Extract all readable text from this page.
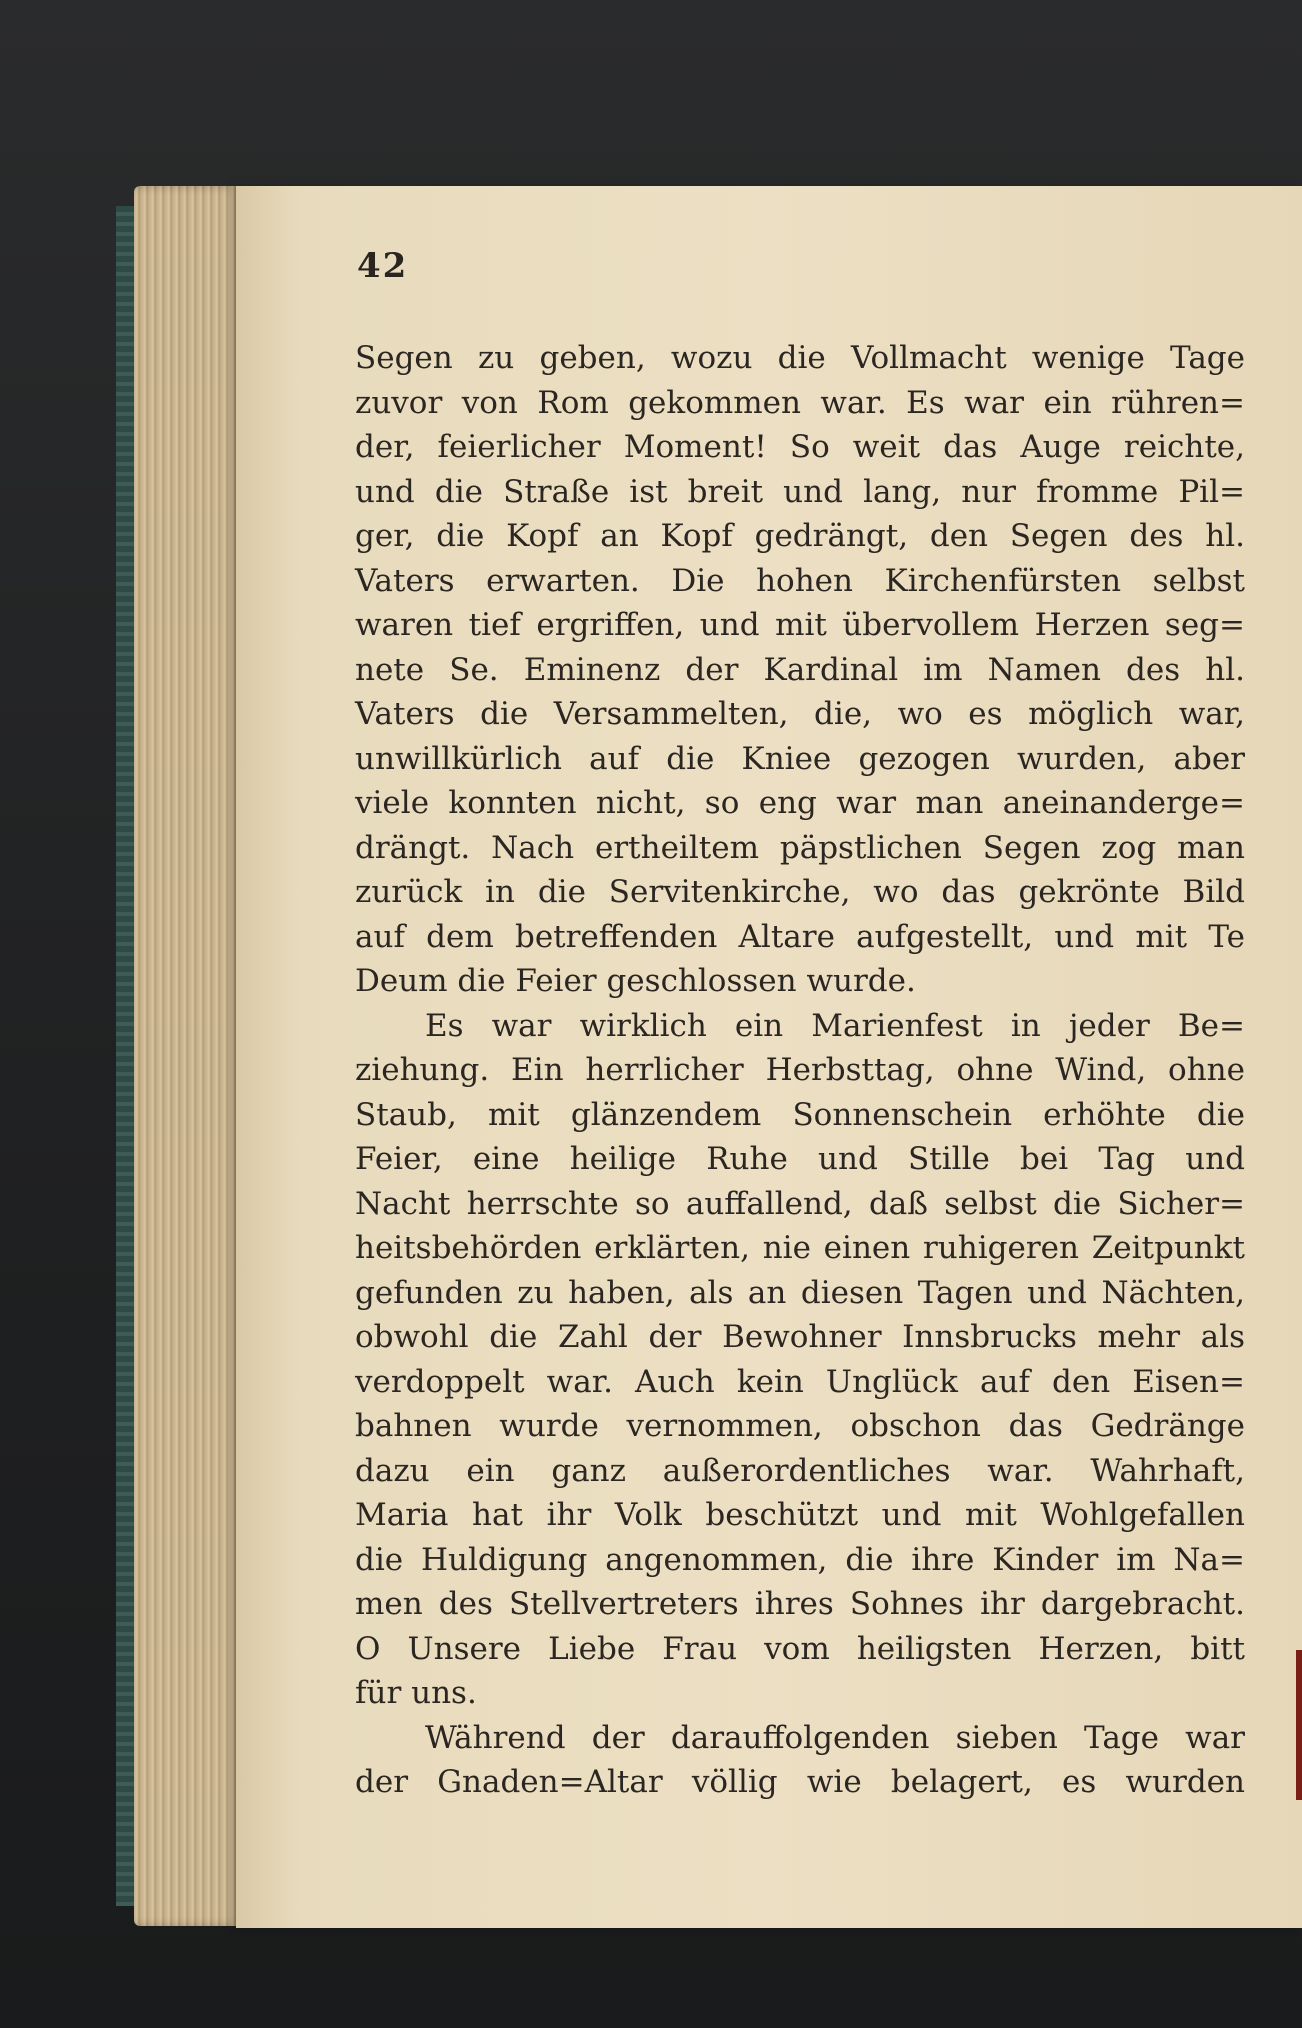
42
Segen zu geben, wozu die Vollmacht wenige Tage
zuvor von Rom gekommen war. Es war ein rühren=
der, feierlicher Moment! So weit das Auge reichte,
und die Straße ist breit und lang, nur fromme Pil=
ger, die Kopf an Kopf gedrängt, den Segen des hl.
Vaters erwarten. Die hohen Kirchenfürsten selbst
waren tief ergriffen, und mit übervollem Herzen seg=
nete Se. Eminenz der Kardinal im Namen des hl.
Vaters die Versammelten, die, wo es möglich war,
unwillkürlich auf die Kniee gezogen wurden, aber
viele konnten nicht, so eng war man aneinanderge=
drängt. Nach ertheiltem päpstlichen Segen zog man
zurück in die Servitenkirche, wo das gekrönte Bild
auf dem betreffenden Altare aufgestellt, und mit Te
Deum die Feier geschlossen wurde.
Es war wirklich ein Marienfest in jeder Be=
ziehung. Ein herrlicher Herbsttag, ohne Wind, ohne
Staub, mit glänzendem Sonnenschein erhöhte die
Feier, eine heilige Ruhe und Stille bei Tag und
Nacht herrschte so auffallend, daß selbst die Sicher=
heitsbehörden erklärten, nie einen ruhigeren Zeitpunkt
gefunden zu haben, als an diesen Tagen und Nächten,
obwohl die Zahl der Bewohner Innsbrucks mehr als
verdoppelt war. Auch kein Unglück auf den Eisen=
bahnen wurde vernommen, obschon das Gedränge
dazu ein ganz außerordentliches war. Wahrhaft,
Maria hat ihr Volk beschützt und mit Wohlgefallen
die Huldigung angenommen, die ihre Kinder im Na=
men des Stellvertreters ihres Sohnes ihr dargebracht.
O Unsere Liebe Frau vom heiligsten Herzen, bitt
für uns.
Während der darauffolgenden sieben Tage war
der Gnaden=Altar völlig wie belagert, es wurden
